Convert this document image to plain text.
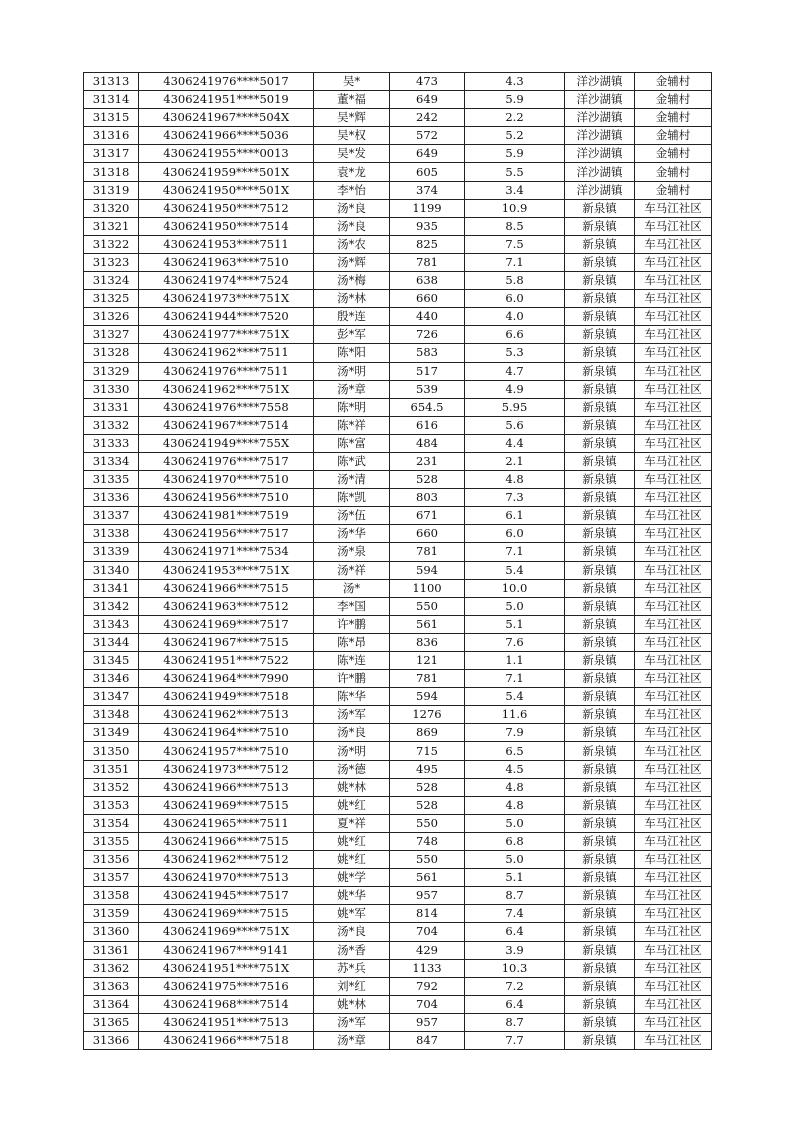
31313	4306241976****5017	吴*	473	4.3	洋沙湖镇	金辅村
31314	4306241951****5019	董*福	649	5.9	洋沙湖镇	金辅村
31315	4306241967****504X	吴*辉	242	2.2	洋沙湖镇	金辅村
31316	4306241966****5036	吴*权	572	5.2	洋沙湖镇	金辅村
31317	4306241955****0013	吴*发	649	5.9	洋沙湖镇	金辅村
31318	4306241959****501X	袁*龙	605	5.5	洋沙湖镇	金辅村
31319	4306241950****501X	李*怡	374	3.4	洋沙湖镇	金辅村
31320	4306241950****7512	汤*良	1199	10.9	新泉镇	车马江社区
31321	4306241950****7514	汤*良	935	8.5	新泉镇	车马江社区
31322	4306241953****7511	汤*农	825	7.5	新泉镇	车马江社区
31323	4306241963****7510	汤*辉	781	7.1	新泉镇	车马江社区
31324	4306241974****7524	汤*梅	638	5.8	新泉镇	车马江社区
31325	4306241973****751X	汤*林	660	6.0	新泉镇	车马江社区
31326	4306241944****7520	殷*连	440	4.0	新泉镇	车马江社区
31327	4306241977****751X	彭*军	726	6.6	新泉镇	车马江社区
31328	4306241962****7511	陈*阳	583	5.3	新泉镇	车马江社区
31329	4306241976****7511	汤*明	517	4.7	新泉镇	车马江社区
31330	4306241962****751X	汤*章	539	4.9	新泉镇	车马江社区
31331	4306241976****7558	陈*明	654.5	5.95	新泉镇	车马江社区
31332	4306241967****7514	陈*祥	616	5.6	新泉镇	车马江社区
31333	4306241949****755X	陈*富	484	4.4	新泉镇	车马江社区
31334	4306241976****7517	陈*武	231	2.1	新泉镇	车马江社区
31335	4306241970****7510	汤*清	528	4.8	新泉镇	车马江社区
31336	4306241956****7510	陈*凯	803	7.3	新泉镇	车马江社区
31337	4306241981****7519	汤*伍	671	6.1	新泉镇	车马江社区
31338	4306241956****7517	汤*华	660	6.0	新泉镇	车马江社区
31339	4306241971****7534	汤*泉	781	7.1	新泉镇	车马江社区
31340	4306241953****751X	汤*祥	594	5.4	新泉镇	车马江社区
31341	4306241966****7515	汤*	1100	10.0	新泉镇	车马江社区
31342	4306241963****7512	李*国	550	5.0	新泉镇	车马江社区
31343	4306241969****7517	许*鹏	561	5.1	新泉镇	车马江社区
31344	4306241967****7515	陈*昂	836	7.6	新泉镇	车马江社区
31345	4306241951****7522	陈*连	121	1.1	新泉镇	车马江社区
31346	4306241964****7990	许*鹏	781	7.1	新泉镇	车马江社区
31347	4306241949****7518	陈*华	594	5.4	新泉镇	车马江社区
31348	4306241962****7513	汤*军	1276	11.6	新泉镇	车马江社区
31349	4306241964****7510	汤*良	869	7.9	新泉镇	车马江社区
31350	4306241957****7510	汤*明	715	6.5	新泉镇	车马江社区
31351	4306241973****7512	汤*德	495	4.5	新泉镇	车马江社区
31352	4306241966****7513	姚*林	528	4.8	新泉镇	车马江社区
31353	4306241969****7515	姚*红	528	4.8	新泉镇	车马江社区
31354	4306241965****7511	夏*祥	550	5.0	新泉镇	车马江社区
31355	4306241966****7515	姚*红	748	6.8	新泉镇	车马江社区
31356	4306241962****7512	姚*红	550	5.0	新泉镇	车马江社区
31357	4306241970****7513	姚*学	561	5.1	新泉镇	车马江社区
31358	4306241945****7517	姚*华	957	8.7	新泉镇	车马江社区
31359	4306241969****7515	姚*军	814	7.4	新泉镇	车马江社区
31360	4306241969****751X	汤*良	704	6.4	新泉镇	车马江社区
31361	4306241967****9141	汤*香	429	3.9	新泉镇	车马江社区
31362	4306241951****751X	苏*兵	1133	10.3	新泉镇	车马江社区
31363	4306241975****7516	刘*红	792	7.2	新泉镇	车马江社区
31364	4306241968****7514	姚*林	704	6.4	新泉镇	车马江社区
31365	4306241951****7513	汤*军	957	8.7	新泉镇	车马江社区
31366	4306241966****7518	汤*章	847	7.7	新泉镇	车马江社区
